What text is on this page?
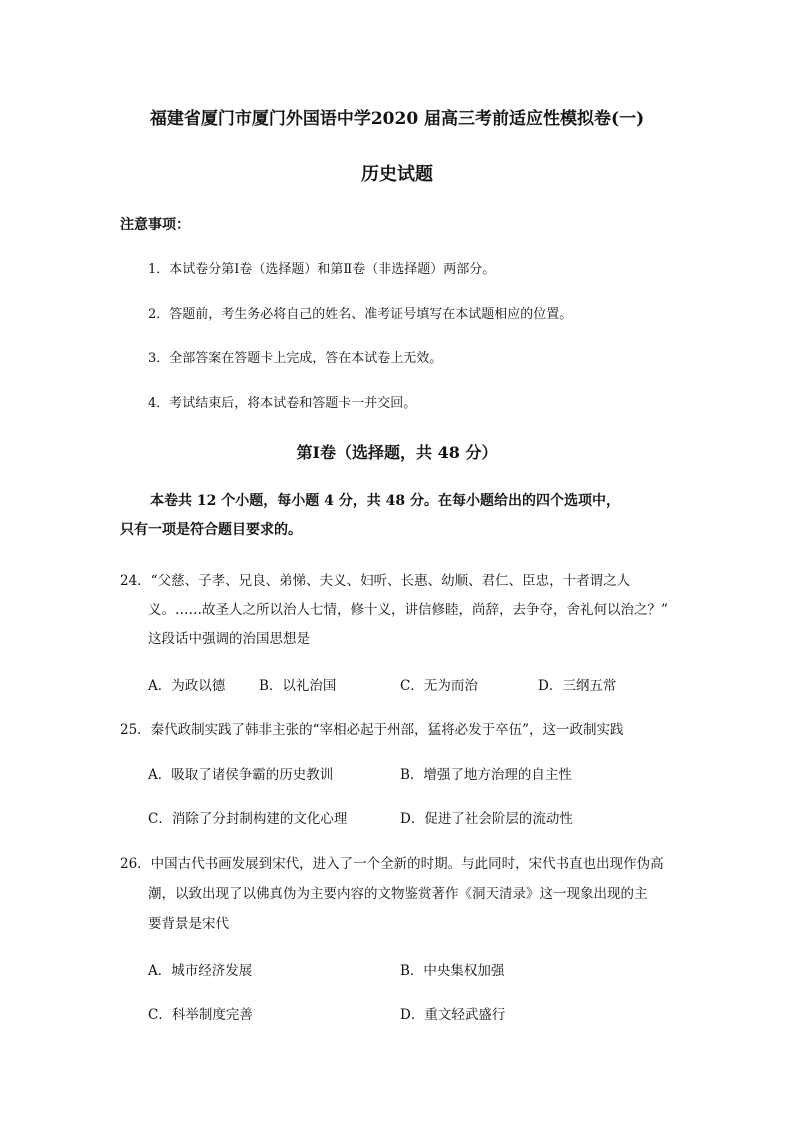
福建省厦门市厦门外国语中学2020 届高三考前适应性模拟卷(一)
历史试题
注意事项：
1．本试卷分第Ⅰ卷（选择题）和第Ⅱ卷（非选择题）两部分。
2．答题前，考生务必将自己的姓名、准考证号填写在本试题相应的位置。
3．全部答案在答题卡上完成，答在本试卷上无效。
4．考试结束后，将本试卷和答题卡一并交回。
第Ⅰ卷（选择题，共 48 分）
本卷共 12 个小题，每小题 4 分，共 48 分。在每小题给出的四个选项中，
只有一项是符合题目要求的。
24．“父慈、子孝、兄良、弟悌、夫义、妇听、长惠、幼顺、君仁、臣忠，十者谓之人
义。……故圣人之所以治人七情，修十义，讲信修睦，尚辞，去争夺，舍礼何以治之？”
这段话中强调的治国思想是
A．为政以德	B．以礼治国	C．无为而治	D．三纲五常
25．秦代政制实践了韩非主张的“宰相必起于州部，猛将必发于卒伍”，这一政制实践
A．吸取了诸侯争霸的历史教训	B．增强了地方治理的自主性
C．消除了分封制构建的文化心理	D．促进了社会阶层的流动性
26．中国古代书画发展到宋代，进入了一个全新的时期。与此同时，宋代书直也出现作伪高
潮，以致出现了以佛真伪为主要内容的文物鉴赏著作《洞天清录》这一现象出现的主
要背景是宋代
A．城市经济发展	B．中央集权加强
C．科举制度完善	D．重文轻武盛行
